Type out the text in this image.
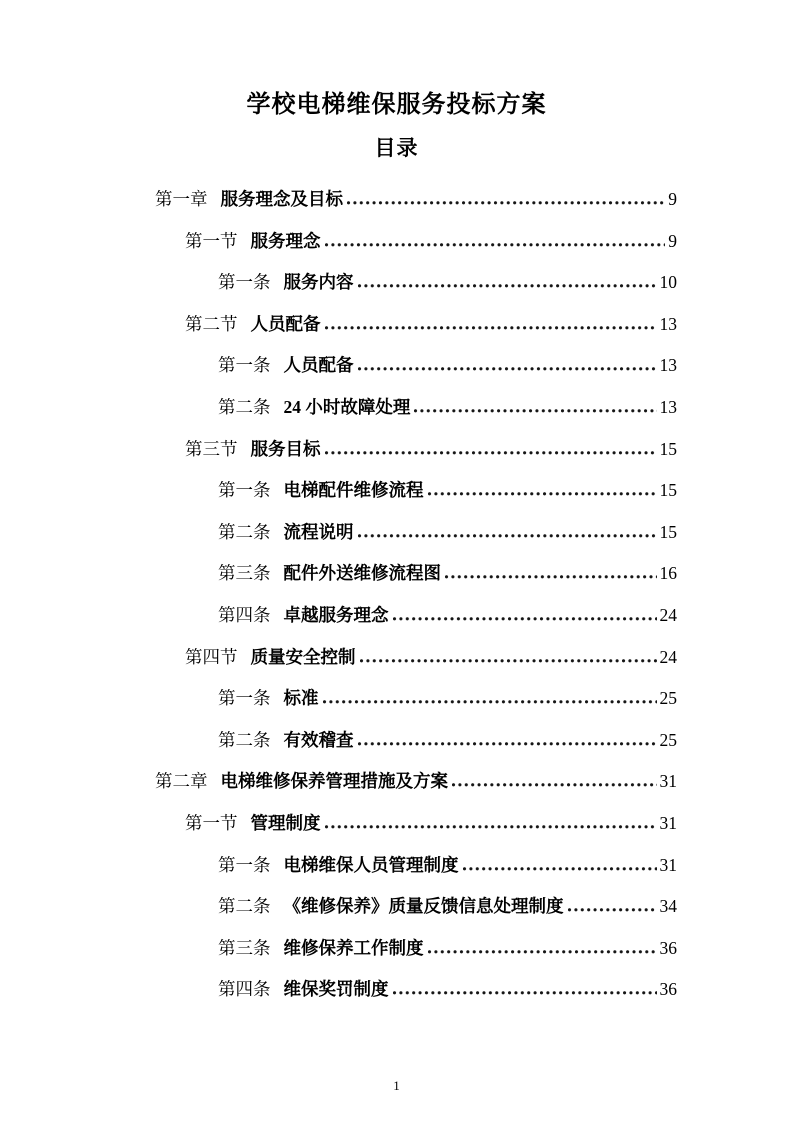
学校电梯维保服务投标方案
目录
第一章 服务理念及目标	9
第一节 服务理念	9
第一条 服务内容	10
第二节 人员配备	13
第一条 人员配备	13
第二条 24 小时故障处理	13
第三节 服务目标	15
第一条 电梯配件维修流程	15
第二条 流程说明	15
第三条 配件外送维修流程图	16
第四条 卓越服务理念	24
第四节 质量安全控制	24
第一条 标准	25
第二条 有效稽查	25
第二章 电梯维修保养管理措施及方案	31
第一节 管理制度	31
第一条 电梯维保人员管理制度	31
第二条 《维修保养》质量反馈信息处理制度	34
第三条 维修保养工作制度	36
第四条 维保奖罚制度	36
1
